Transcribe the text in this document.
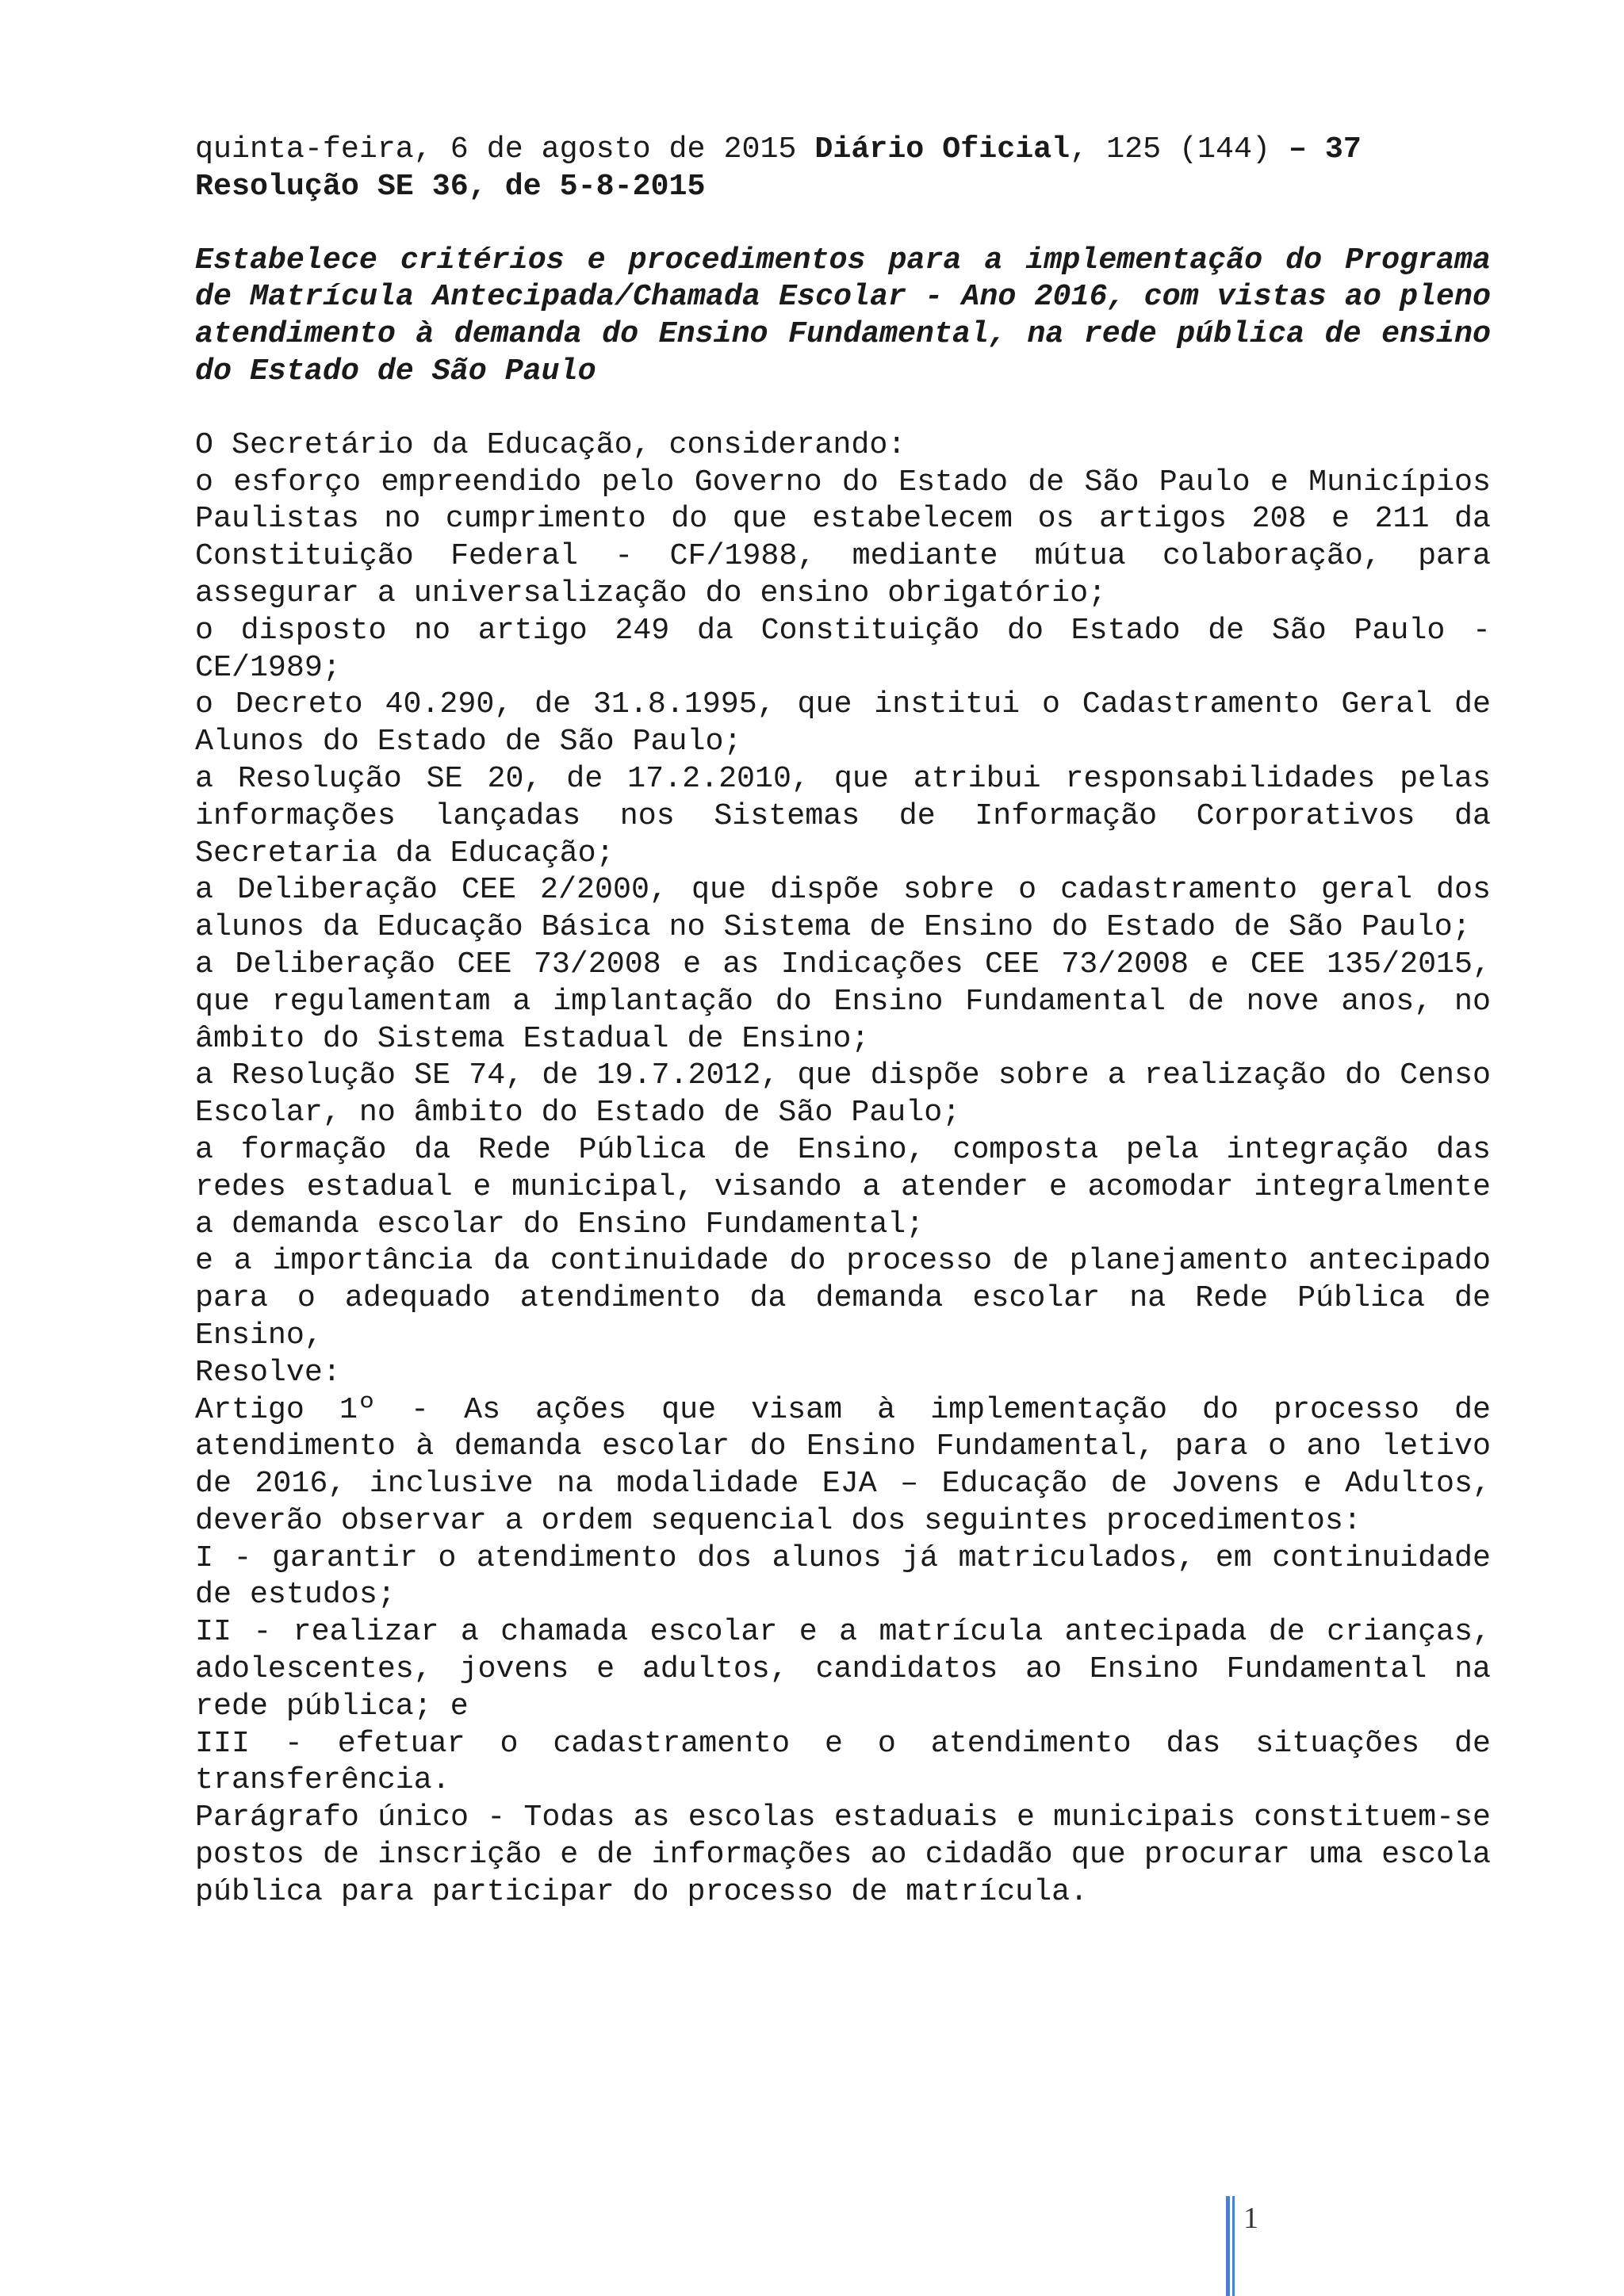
quinta-feira, 6 de agosto de 2015 Diário Oficial, 125 (144) – 37

Resolução SE 36, de 5-8-2015

Estabelece critérios e procedimentos para a implementação do Programa de Matrícula Antecipada/Chamada Escolar - Ano 2016, com vistas ao pleno atendimento à demanda do Ensino Fundamental, na rede pública de ensino do Estado de São Paulo

O Secretário da Educação, considerando:

o esforço empreendido pelo Governo do Estado de São Paulo e Municípios Paulistas no cumprimento do que estabelecem os artigos 208 e 211 da Constituição Federal - CF/1988, mediante mútua colaboração, para assegurar a universalização do ensino obrigatório;

o disposto no artigo 249 da Constituição do Estado de São Paulo - CE/1989;

o Decreto 40.290, de 31.8.1995, que institui o Cadastramento Geral de Alunos do Estado de São Paulo;

a Resolução SE 20, de 17.2.2010, que atribui responsabilidades pelas informações lançadas nos Sistemas de Informação Corporativos da Secretaria da Educação;

a Deliberação CEE 2/2000, que dispõe sobre o cadastramento geral dos alunos da Educação Básica no Sistema de Ensino do Estado de São Paulo;

a Deliberação CEE 73/2008 e as Indicações CEE 73/2008 e CEE 135/2015, que regulamentam a implantação do Ensino Fundamental de nove anos, no âmbito do Sistema Estadual de Ensino;

a Resolução SE 74, de 19.7.2012, que dispõe sobre a realização do Censo Escolar, no âmbito do Estado de São Paulo;

a formação da Rede Pública de Ensino, composta pela integração das redes estadual e municipal, visando a atender e acomodar integralmente a demanda escolar do Ensino Fundamental;

e a importância da continuidade do processo de planejamento antecipado para o adequado atendimento da demanda escolar na Rede Pública de Ensino,

Resolve:

Artigo 1º - As ações que visam à implementação do processo de atendimento à demanda escolar do Ensino Fundamental, para o ano letivo de 2016, inclusive na modalidade EJA – Educação de Jovens e Adultos, deverão observar a ordem sequencial dos seguintes procedimentos:

I - garantir o atendimento dos alunos já matriculados, em continuidade de estudos;

II - realizar a chamada escolar e a matrícula antecipada de crianças, adolescentes, jovens e adultos, candidatos ao Ensino Fundamental na rede pública; e

III - efetuar o cadastramento e o atendimento das situações de transferência.

Parágrafo único - Todas as escolas estaduais e municipais constituem-se postos de inscrição e de informações ao cidadão que procurar uma escola pública para participar do processo de matrícula.

1
